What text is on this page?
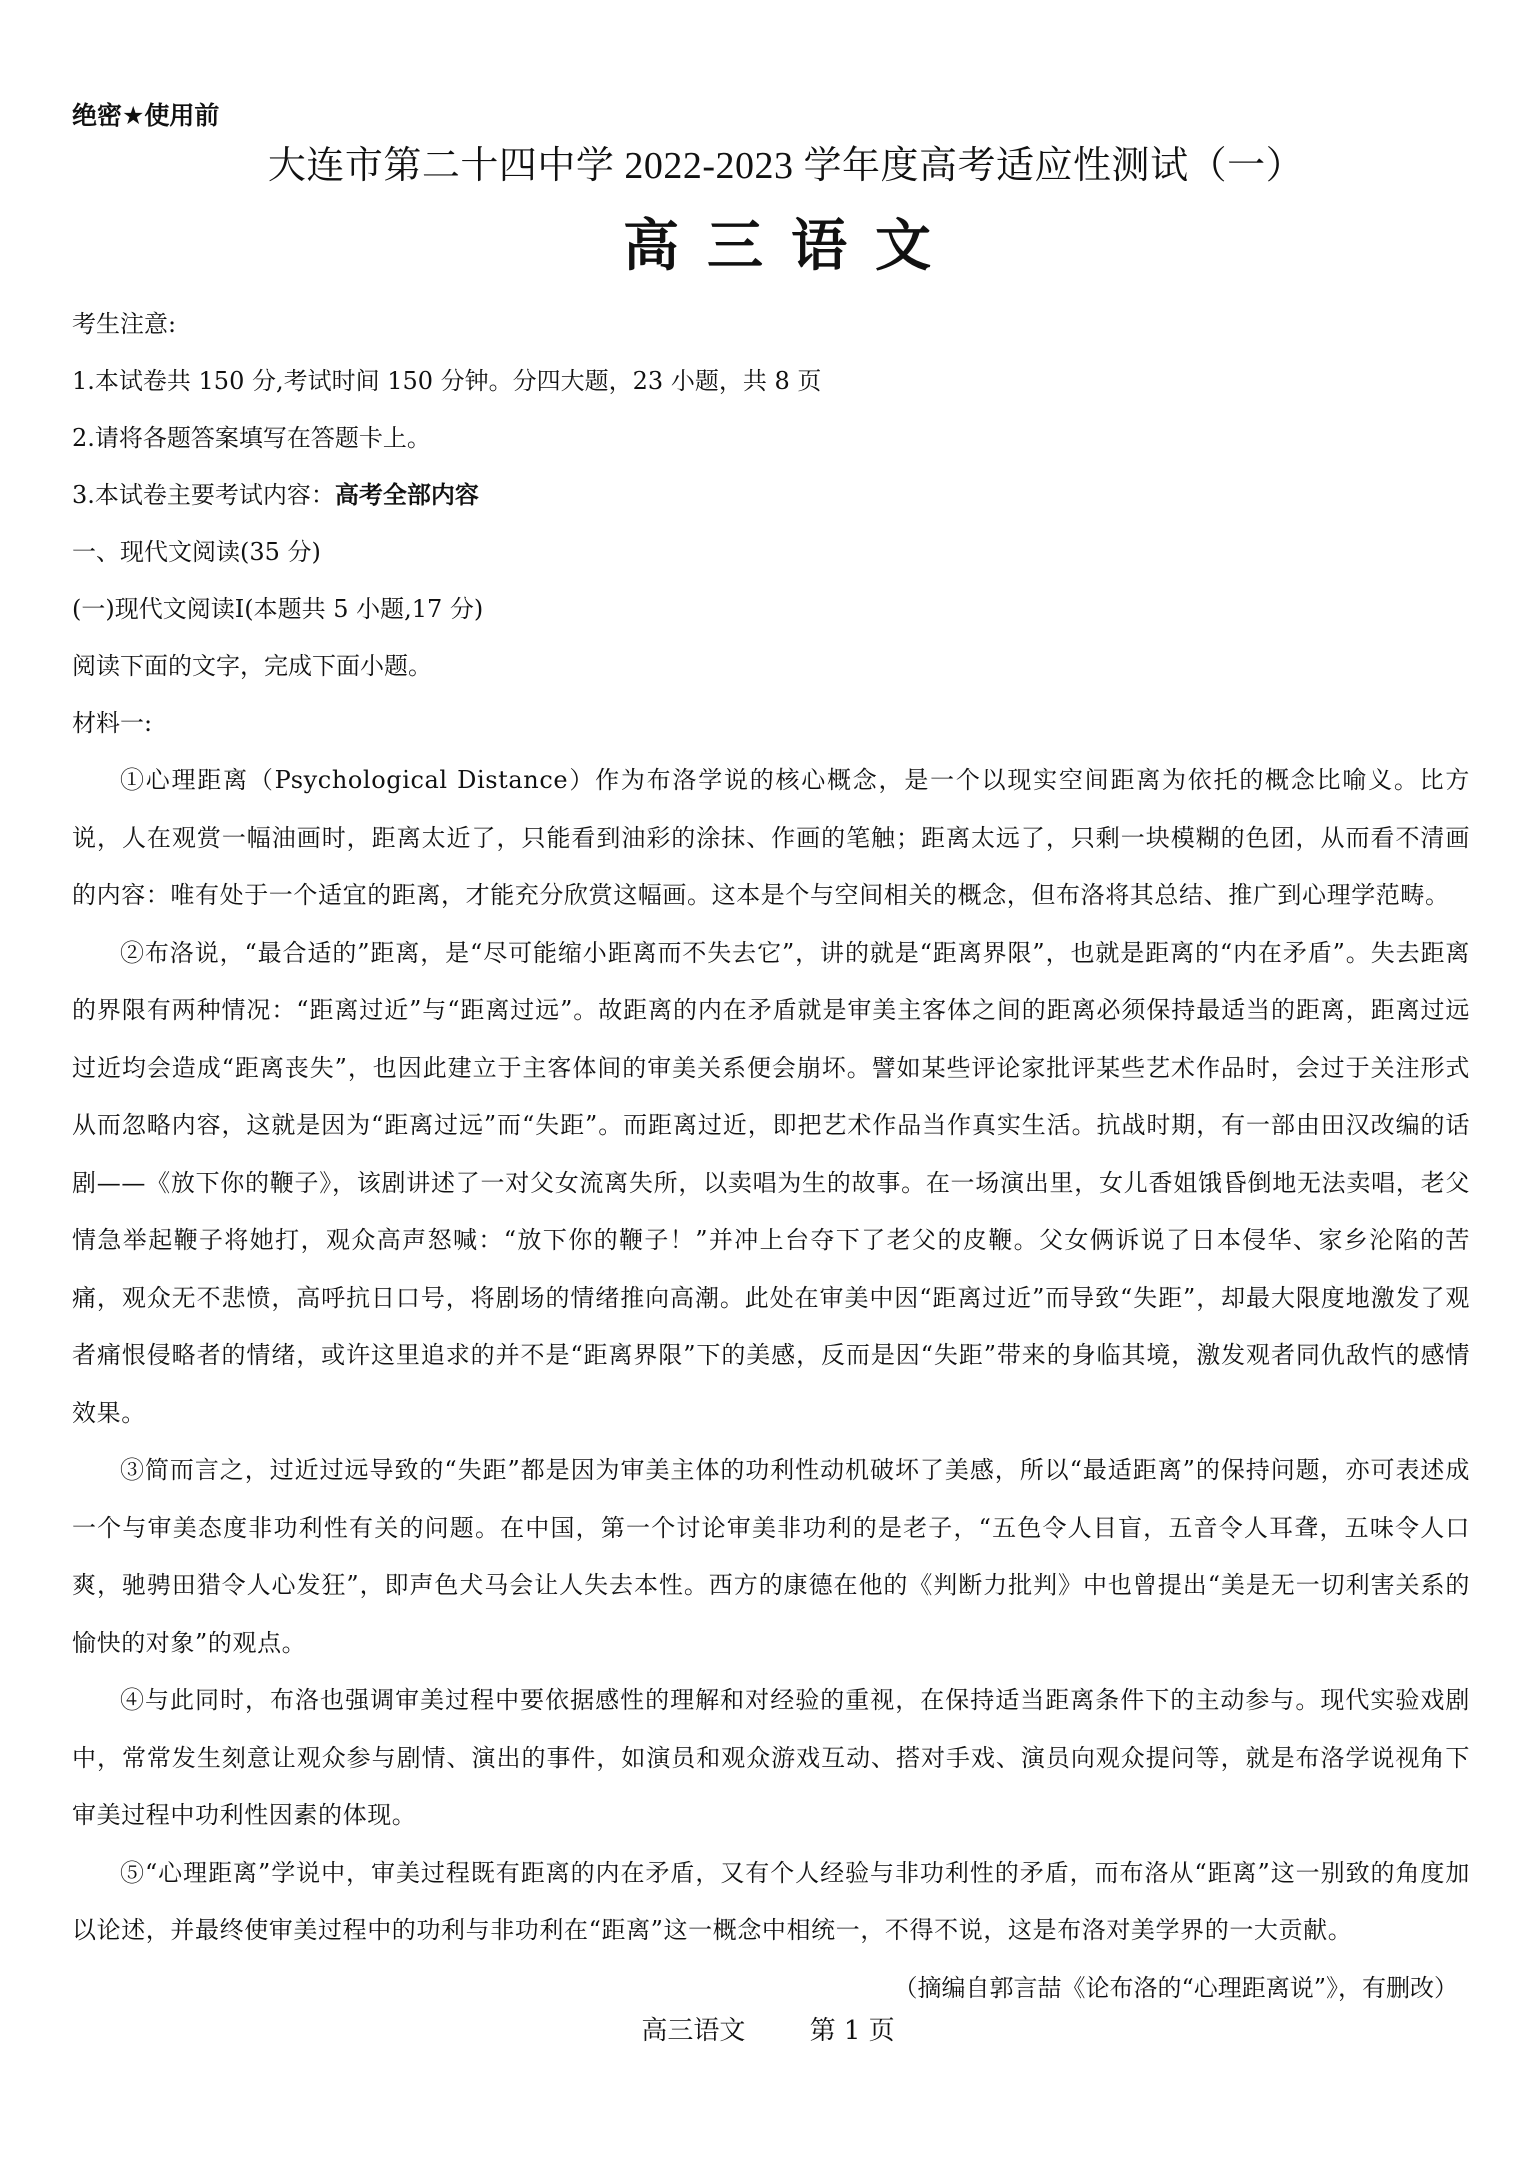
绝密★使用前

大连市第二十四中学 2022-2023 学年度高考适应性测试（一）
高三语文

考生注意:

1.本试卷共 150 分,考试时间 150 分钟。分四大题，23 小题，共 8 页

2.请将各题答案填写在答题卡上。

3.本试卷主要考试内容：高考全部内容

一、现代文阅读(35 分)

(一)现代文阅读I(本题共 5 小题,17 分)

阅读下面的文字，完成下面小题。

材料一:

①心理距离（Psychological Distance）作为布洛学说的核心概念，是一个以现实空间距离为依托的概念比喻义。比方说，人在观赏一幅油画时，距离太近了，只能看到油彩的涂抹、作画的笔触；距离太远了，只剩一块模糊的色团，从而看不清画的内容：唯有处于一个适宜的距离，才能充分欣赏这幅画。这本是个与空间相关的概念，但布洛将其总结、推广到心理学范畴。

②布洛说，“最合适的”距离，是“尽可能缩小距离而不失去它”，讲的就是“距离界限”，也就是距离的“内在矛盾”。失去距离的界限有两种情况：“距离过近”与“距离过远”。故距离的内在矛盾就是审美主客体之间的距离必须保持最适当的距离，距离过远过近均会造成“距离丧失”，也因此建立于主客体间的审美关系便会崩坏。譬如某些评论家批评某些艺术作品时，会过于关注形式从而忽略内容，这就是因为“距离过远”而“失距”。而距离过近，即把艺术作品当作真实生活。抗战时期，有一部由田汉改编的话剧——《放下你的鞭子》，该剧讲述了一对父女流离失所，以卖唱为生的故事。在一场演出里，女儿香姐饿昏倒地无法卖唱，老父情急举起鞭子将她打，观众高声怒喊：“放下你的鞭子！”并冲上台夺下了老父的皮鞭。父女俩诉说了日本侵华、家乡沦陷的苦痛，观众无不悲愤，高呼抗日口号，将剧场的情绪推向高潮。此处在审美中因“距离过近”而导致“失距”，却最大限度地激发了观者痛恨侵略者的情绪，或许这里追求的并不是“距离界限”下的美感，反而是因“失距”带来的身临其境，激发观者同仇敌忾的感情效果。

③简而言之，过近过远导致的“失距”都是因为审美主体的功利性动机破坏了美感，所以“最适距离”的保持问题，亦可表述成一个与审美态度非功利性有关的问题。在中国，第一个讨论审美非功利的是老子，“五色令人目盲，五音令人耳聋，五味令人口爽，驰骋田猎令人心发狂”，即声色犬马会让人失去本性。西方的康德在他的《判断力批判》中也曾提出“美是无一切利害关系的愉快的对象”的观点。

④与此同时，布洛也强调审美过程中要依据感性的理解和对经验的重视，在保持适当距离条件下的主动参与。现代实验戏剧中，常常发生刻意让观众参与剧情、演出的事件，如演员和观众游戏互动、搭对手戏、演员向观众提问等，就是布洛学说视角下审美过程中功利性因素的体现。

⑤“心理距离”学说中，审美过程既有距离的内在矛盾，又有个人经验与非功利性的矛盾，而布洛从“距离”这一别致的角度加以论述，并最终使审美过程中的功利与非功利在“距离”这一概念中相统一，不得不说，这是布洛对美学界的一大贡献。

（摘编自郭言喆《论布洛的“心理距离说”》，有删改）

高三语文 第 1 页
